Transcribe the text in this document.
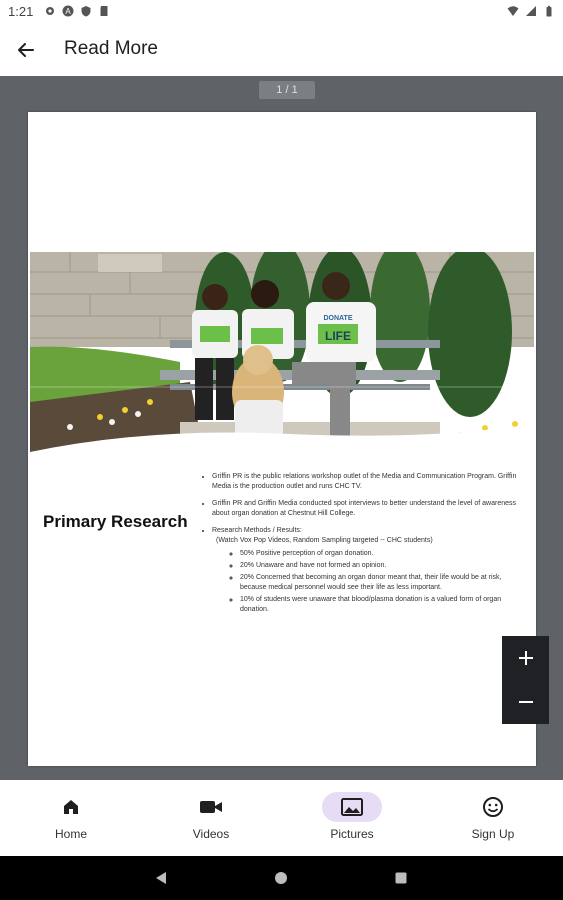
1:21	A
Read More
1 / 1
DONATE
LIFE
Primary Research
• Griffin PR is the public relations workshop outlet of the Media and Communication Program. Griffin Media is the production outlet and runs CHC TV.
• Griffin PR and Griffin Media conducted spot interviews to better understand the level of awareness about organ donation at Chestnut Hill College.
• Research Methods / Results:
(Watch Vox Pop Videos, Random Sampling targeted -- CHC students)
◦ 50% Positive perception of organ donation.
◦ 20% Unaware and have not formed an opinion.
◦ 20% Concerned that becoming an organ donor meant that, their life would be at risk, because medical personnel would see their life as less important.
◦ 10% of students were unaware that blood/plasma donation is a valued form of organ donation.
Home	Videos	Pictures	Sign Up
